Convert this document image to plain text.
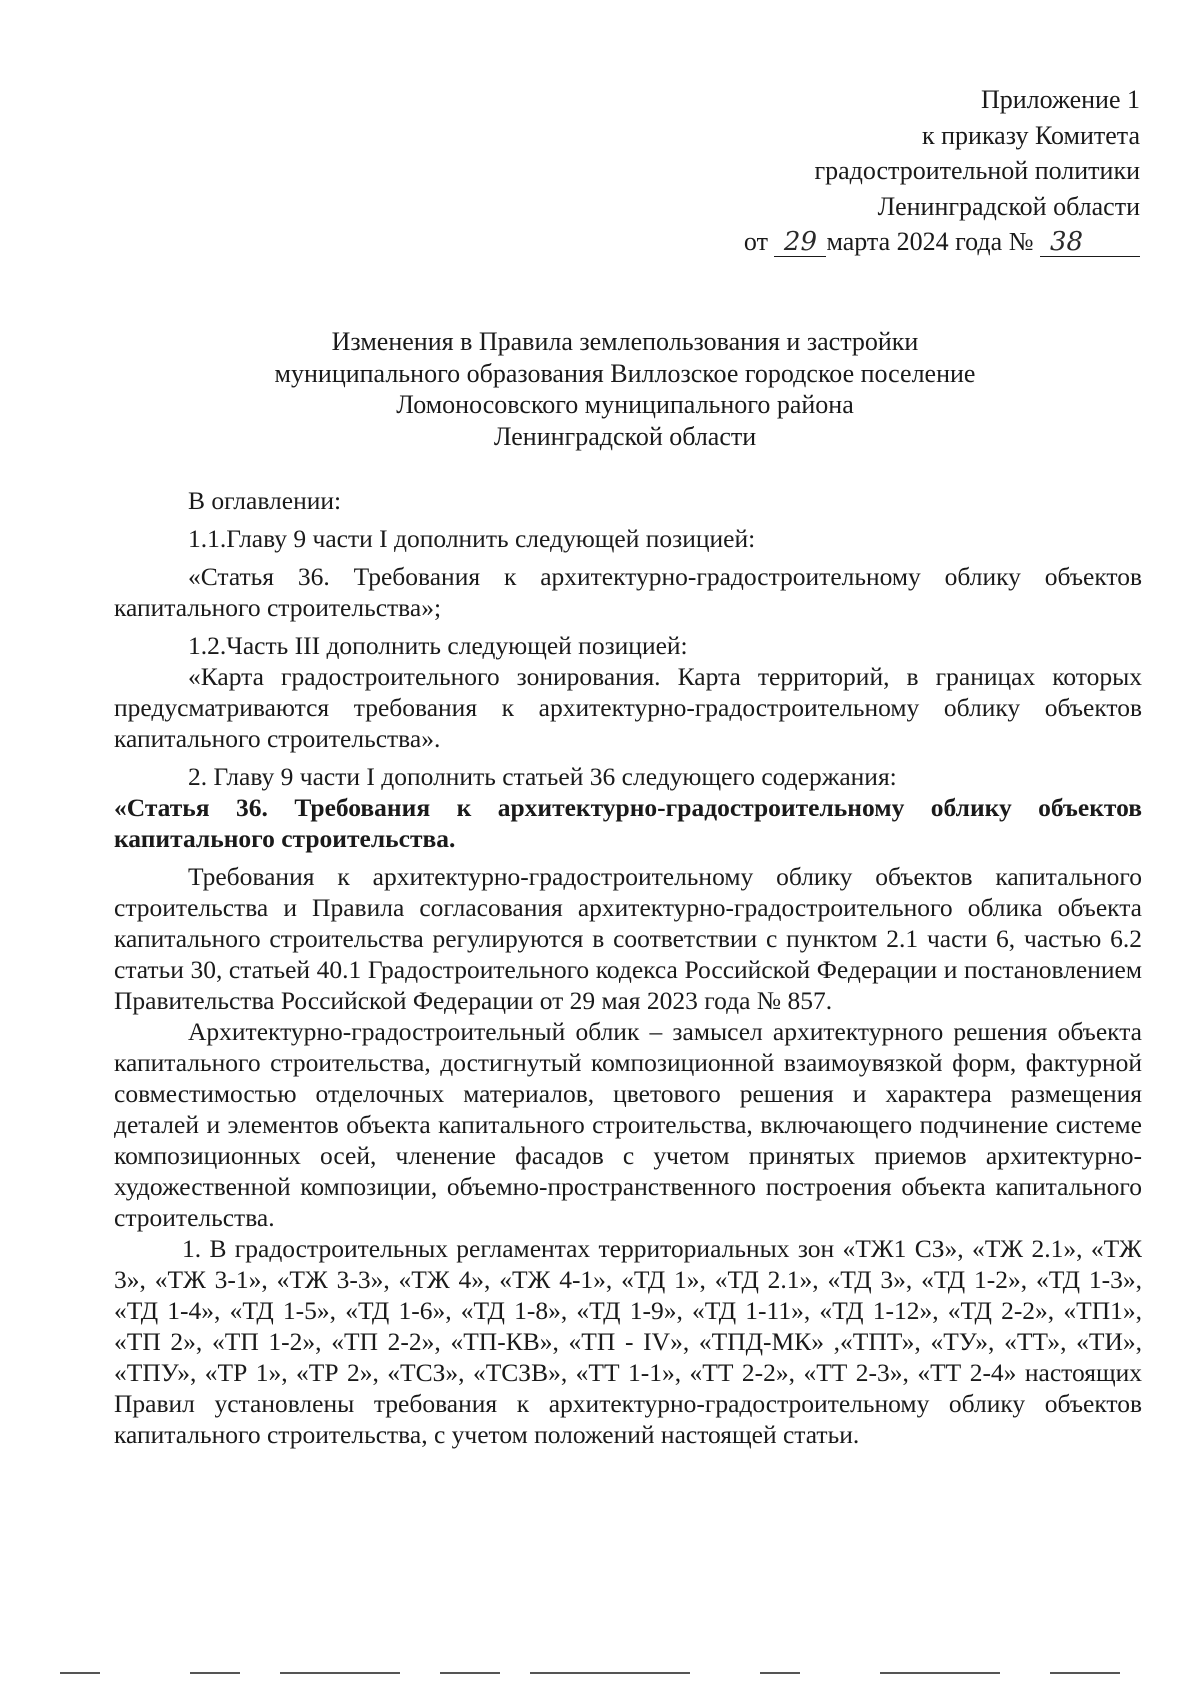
Приложение 1

к приказу Комитета

градостроительной политики

Ленинградской области

от 29 марта 2024 года № 38

Изменения в Правила землепользования и застройки

муниципального образования Виллозское городское поселение

Ломоносовского муниципального района

Ленинградской области

В оглавлении:

1.1.Главу 9 части I дополнить следующей позицией:

«Статья 36. Требования к архитектурно-градостроительному облику объектов капитального строительства»;

1.2.Часть III дополнить следующей позицией:

«Карта градостроительного зонирования. Карта территорий, в границах которых предусматриваются требования к архитектурно-градостроительному облику объектов капитального строительства».

2. Главу 9 части I дополнить статьей 36 следующего содержания:

«Статья 36. Требования к архитектурно-градостроительному облику объектов капитального строительства.

Требования к архитектурно-градостроительному облику объектов капитального строительства и Правила согласования архитектурно-градостроительного облика объекта капитального строительства регулируются в соответствии с пунктом 2.1 части 6, частью 6.2 статьи 30, статьей 40.1 Градостроительного кодекса Российской Федерации и постановлением Правительства Российской Федерации от 29 мая 2023 года № 857.

Архитектурно-градостроительный облик – замысел архитектурного решения объекта капитального строительства, достигнутый композиционной взаимоувязкой форм, фактурной совместимостью отделочных материалов, цветового решения и характера размещения деталей и элементов объекта капитального строительства, включающего подчинение системе композиционных осей, членение фасадов с учетом принятых приемов архитектурно-художественной композиции, объемно-пространственного построения объекта капитального строительства.

1. В градостроительных регламентах территориальных зон «ТЖ1 СЗ», «ТЖ 2.1», «ТЖ 3», «ТЖ 3-1», «ТЖ 3-3», «ТЖ 4», «ТЖ 4-1», «ТД 1», «ТД 2.1», «ТД 3», «ТД 1-2», «ТД 1-3», «ТД 1-4», «ТД 1-5», «ТД 1-6», «ТД 1-8», «ТД 1-9», «ТД 1-11», «ТД 1-12», «ТД 2-2», «ТП1», «ТП 2», «ТП 1-2», «ТП 2-2», «ТП-КВ», «ТП - IV», «ТПД-МК» ,«ТПТ», «ТУ», «ТТ», «ТИ», «ТПУ», «ТР 1», «ТР 2», «ТСЗ», «ТСЗВ», «ТТ 1-1», «ТТ 2-2», «ТТ 2-3», «ТТ 2-4» настоящих Правил установлены требования к архитектурно-градостроительному облику объектов капитального строительства, с учетом положений настоящей статьи.
